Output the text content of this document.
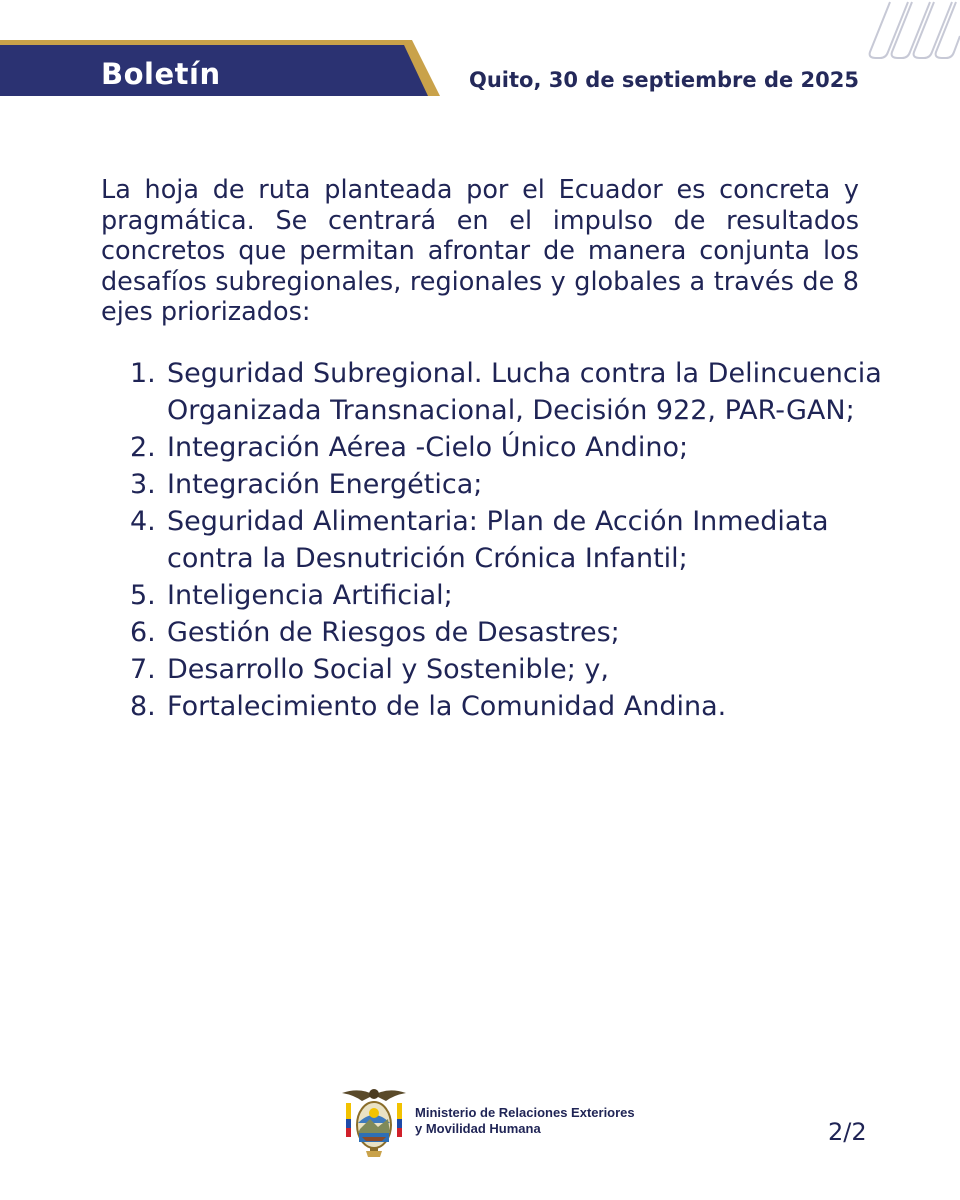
Boletín	Quito, 30 de septiembre de 2025

La hoja de ruta planteada por el Ecuador es concreta y pragmática. Se centrará en el impulso de resultados concretos que permitan afrontar de manera conjunta los desafíos subregionales, regionales y globales a través de 8 ejes priorizados:

1. Seguridad Subregional. Lucha contra la Delincuencia Organizada Transnacional, Decisión 922, PAR-GAN;
2. Integración Aérea -Cielo Único Andino;
3. Integración Energética;
4. Seguridad Alimentaria: Plan de Acción Inmediata contra la Desnutrición Crónica Infantil;
5. Inteligencia Artificial;
6. Gestión de Riesgos de Desastres;
7. Desarrollo Social y Sostenible; y,
8. Fortalecimiento de la Comunidad Andina.
Ministerio de Relaciones Exteriores
y Movilidad Humana	2/2
